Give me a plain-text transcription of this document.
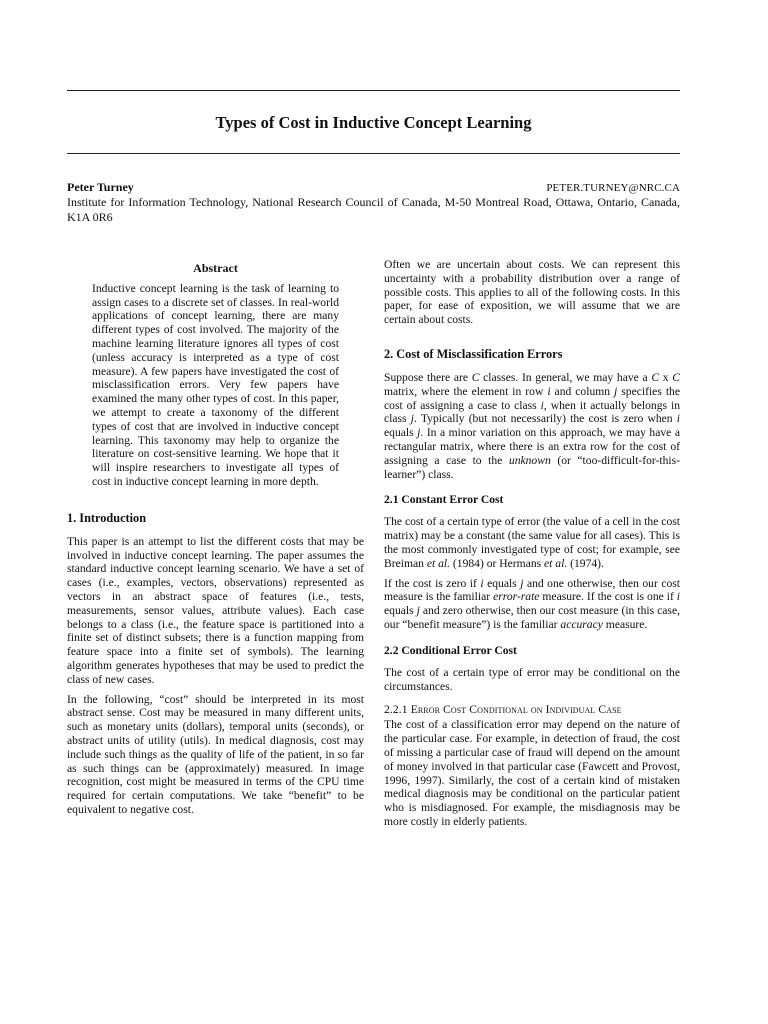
Types of Cost in Inductive Concept Learning
Peter Turney	PETER.TURNEY@NRC.CA
Institute for Information Technology, National Research Council of Canada, M-50 Montreal Road, Ottawa, Ontario, Canada, K1A 0R6
Abstract

Inductive concept learning is the task of learning to assign cases to a discrete set of classes. In real-world applications of concept learning, there are many different types of cost involved. The majority of the machine learning literature ignores all types of cost (unless accuracy is interpreted as a type of cost measure). A few papers have investigated the cost of misclassification errors. Very few papers have examined the many other types of cost. In this paper, we attempt to create a taxonomy of the different types of cost that are involved in inductive concept learning. This taxonomy may help to organize the literature on cost-sensitive learning. We hope that it will inspire researchers to investigate all types of cost in inductive concept learning in more depth.

1. Introduction

This paper is an attempt to list the different costs that may be involved in inductive concept learning. The paper assumes the standard inductive concept learning scenario. We have a set of cases (i.e., examples, vectors, observations) represented as vectors in an abstract space of features (i.e., tests, measurements, sensor values, attribute values). Each case belongs to a class (i.e., the feature space is partitioned into a finite set of distinct subsets; there is a function mapping from feature space into a finite set of symbols). The learning algorithm generates hypotheses that may be used to predict the class of new cases.

In the following, “cost” should be interpreted in its most abstract sense. Cost may be measured in many different units, such as monetary units (dollars), temporal units (seconds), or abstract units of utility (utils). In medical diagnosis, cost may include such things as the quality of life of the patient, in so far as such things can be (approximately) measured. In image recognition, cost might be measured in terms of the CPU time required for certain computations. We take “benefit” to be equivalent to negative cost.

Often we are uncertain about costs. We can represent this uncertainty with a probability distribution over a range of possible costs. This applies to all of the following costs. In this paper, for ease of exposition, we will assume that we are certain about costs.

2. Cost of Misclassification Errors

Suppose there are C classes. In general, we may have a C x C matrix, where the element in row i and column j specifies the cost of assigning a case to class i, when it actually belongs in class j. Typically (but not necessarily) the cost is zero when i equals j. In a minor variation on this approach, we may have a rectangular matrix, where there is an extra row for the cost of assigning a case to the unknown (or “too-difficult-for-this-learner”) class.

2.1 Constant Error Cost

The cost of a certain type of error (the value of a cell in the cost matrix) may be a constant (the same value for all cases). This is the most commonly investigated type of cost; for example, see Breiman et al. (1984) or Hermans et al. (1974).

If the cost is zero if i equals j and one otherwise, then our cost measure is the familiar error-rate measure. If the cost is one if i equals j and zero otherwise, then our cost measure (in this case, our “benefit measure”) is the familiar accuracy measure.

2.2 Conditional Error Cost

The cost of a certain type of error may be conditional on the circumstances.

2.2.1 Error Cost Conditional on Individual Case

The cost of a classification error may depend on the nature of the particular case. For example, in detection of fraud, the cost of missing a particular case of fraud will depend on the amount of money involved in that particular case (Fawcett and Provost, 1996, 1997). Similarly, the cost of a certain kind of mistaken medical diagnosis may be conditional on the particular patient who is misdiagnosed. For example, the misdiagnosis may be more costly in elderly patients.
